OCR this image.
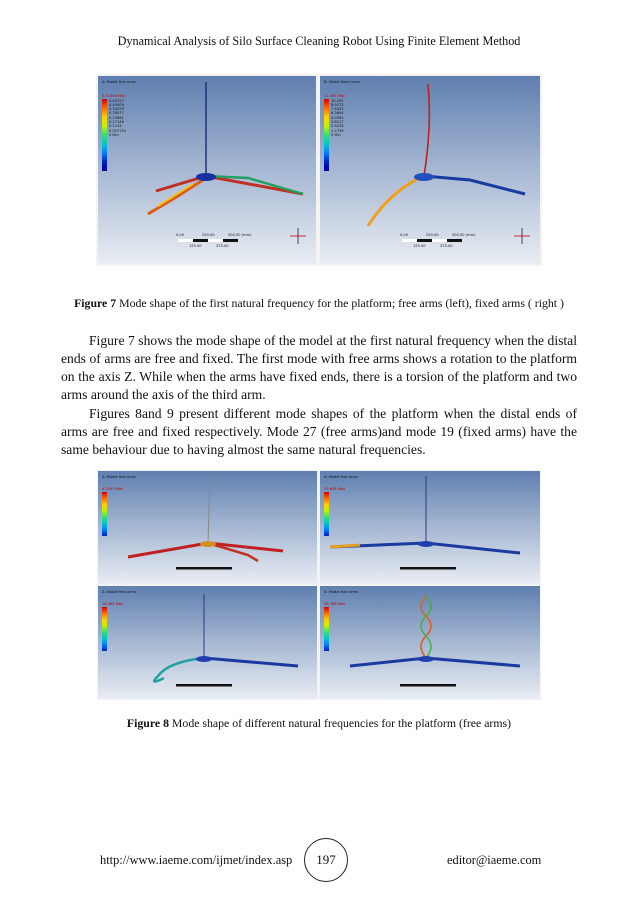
Dynamical Analysis of Silo Surface Cleaning Robot Using Finite Element Method
A: Modal free arms
0.51446 Max
0.45727
0.40009
0.34293
0.28577
0.22861
0.17146
0.1143
0.057152
0 Min
0.00	250.00	500.00 (mm)
125.00	375.00
B: Modal fixed arms
11.465 Max
10.191
8.9172
7.6433
6.3694
5.0955
3.8217
2.5478
1.2739
0 Min
0.00	250.00	500.00 (mm)
125.00	375.00
Figure 7 Mode shape of the first natural frequency for the platform; free arms (left), fixed arms ( right )

Figure 7 shows the mode shape of the model at the first natural frequency when the distal ends of arms are free and fixed. The first mode with free arms shows a rotation to the platform on the axis Z. While when the arms have fixed ends, there is a torsion of the platform and two arms around the axis of the third arm.

Figures 8and 9 present different mode shapes of the platform when the distal ends of arms are free and fixed respectively. Mode 27 (free arms)and mode 19 (fixed arms) have the same behaviour due to having almost the same natural frequencies.

A: Modal free arms
6.5553 Max
A: Modal free arms
19.658 Max
A: Modal free arms
16.385 Max
A: Modal free arms
28.785 Max
Figure 8 Mode shape of different natural frequencies for the platform (free arms)
http://www.iaeme.com/ijmet/index.asp	197	editor@iaeme.com
